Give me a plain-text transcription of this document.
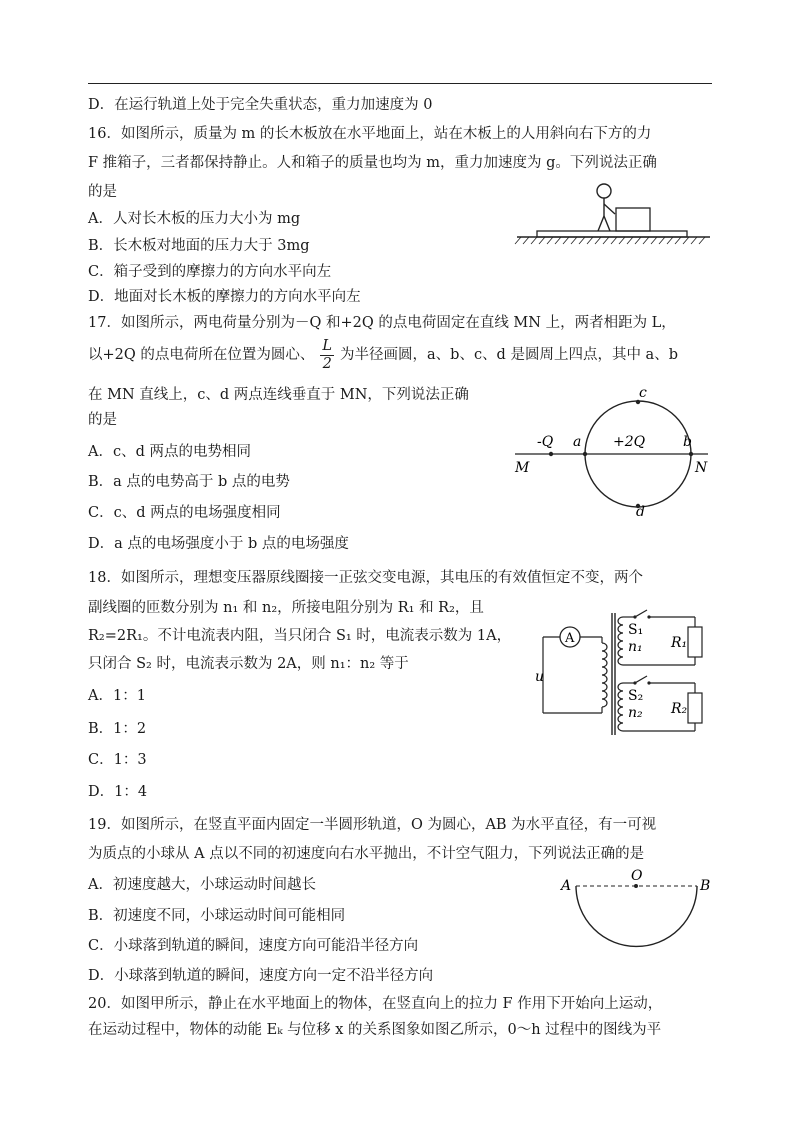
D．在运行轨道上处于完全失重状态，重力加速度为 0
16．如图所示，质量为 m 的长木板放在水平地面上，站在木板上的人用斜向右下方的力
F 推箱子，三者都保持静止。人和箱子的质量也均为 m，重力加速度为 g。下列说法正确
的是
A．人对长木板的压力大小为 mg
B．长木板对地面的压力大于 3mg
C．箱子受到的摩擦力的方向水平向左
D．地面对长木板的摩擦力的方向水平向左
17．如图所示，两电荷量分别为－Q 和+2Q 的点电荷固定在直线 MN 上，两者相距为 L，
以+2Q 的点电荷所在位置为圆心、 $\frac{L}{2}$ 为半径画圆，a、b、c、d 是圆周上四点，其中 a、b
在 MN 直线上，c、d 两点连线垂直于 MN，下列说法正确
的是
A．c、d 两点的电势相同
B．a 点的电势高于 b 点的电势
C．c、d 两点的电场强度相同
D．a 点的电场强度小于 b 点的电场强度
c
d
a	b
M	N
-Q	+2Q
18．如图所示，理想变压器原线圈接一正弦交变电源，其电压的有效值恒定不变，两个
副线圈的匝数分别为 n₁ 和 n₂，所接电阻分别为 R₁ 和 R₂，且
R₂=2R₁。不计电流表内阻，当只闭合 S₁ 时，电流表示数为 1A，
只闭合 S₂ 时，电流表示数为 2A，则 n₁：n₂ 等于
A．1：1
B．1：2
C．1：3
D．1：4
A
u
S₁
n₁ R₁
S₂
n₂ R₂
19．如图所示，在竖直平面内固定一半圆形轨道，O 为圆心，AB 为水平直径，有一可视
为质点的小球从 A 点以不同的初速度向右水平抛出，不计空气阻力，下列说法正确的是
A．初速度越大，小球运动时间越长
B．初速度不同，小球运动时间可能相同
C．小球落到轨道的瞬间，速度方向可能沿半径方向
D．小球落到轨道的瞬间，速度方向一定不沿半径方向
A
O
B
20．如图甲所示，静止在水平地面上的物体，在竖直向上的拉力 F 作用下开始向上运动，
在运动过程中，物体的动能 Eₖ 与位移 x 的关系图象如图乙所示，0～h 过程中的图线为平
